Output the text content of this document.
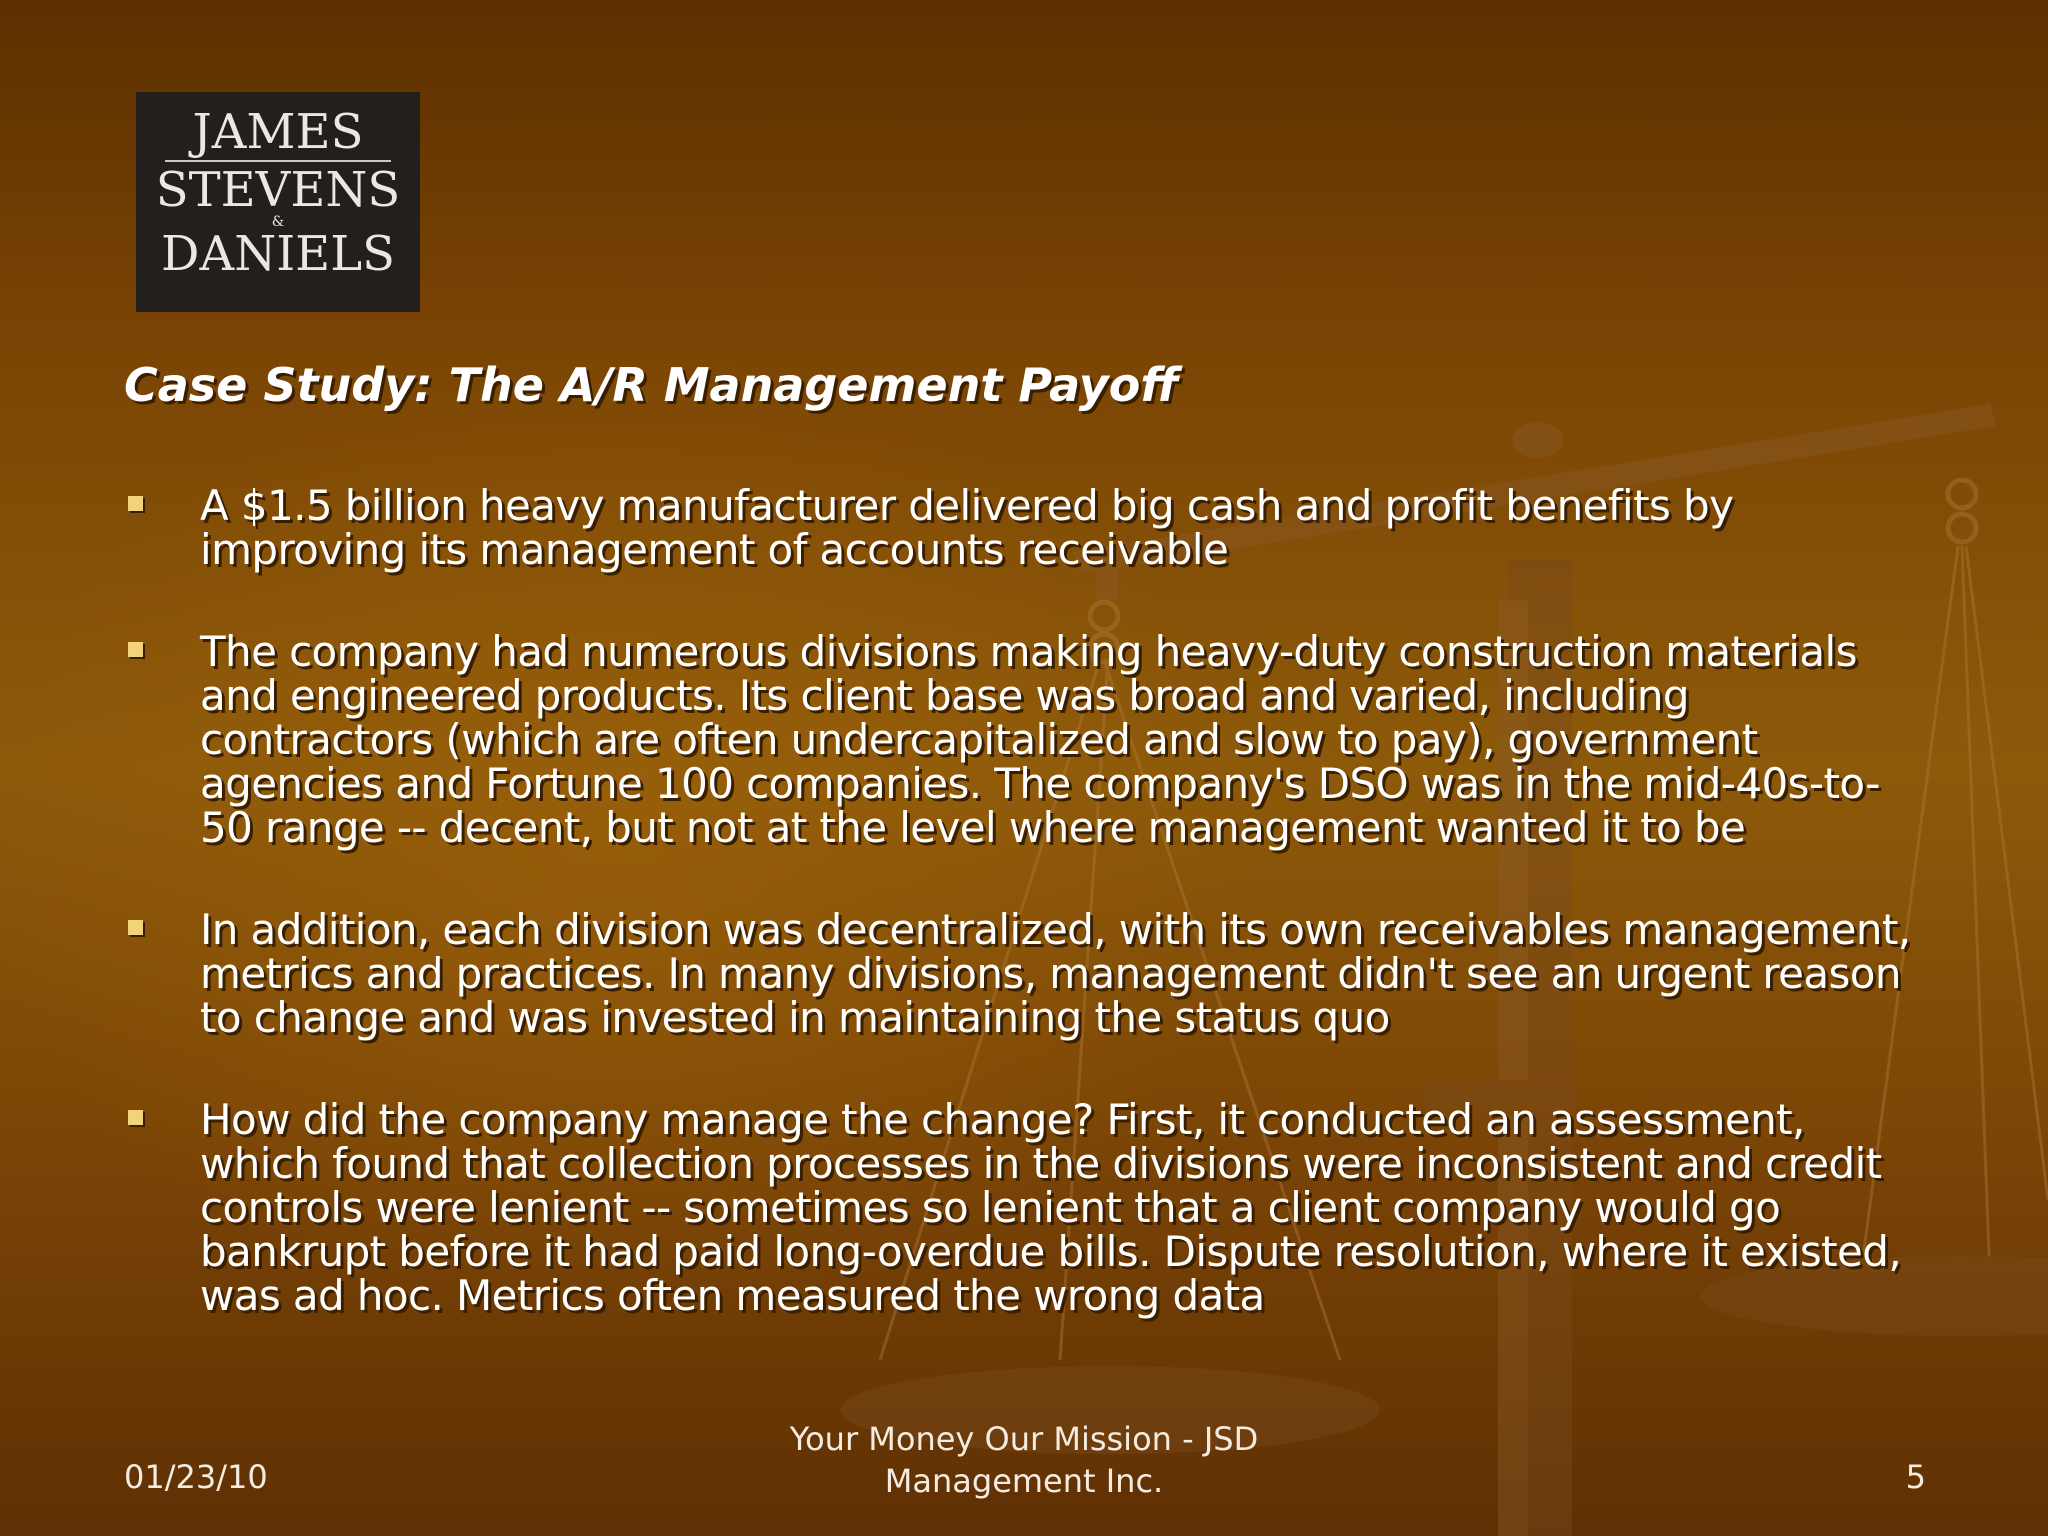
JAMES
STEVENS
&
DANIELS
Case Study: The A/R Management Payoff
A $1.5 billion heavy manufacturer delivered big cash and profit benefits by improving its management of accounts receivable
The company had numerous divisions making heavy-duty construction materials and engineered products. Its client base was broad and varied, including contractors (which are often undercapitalized and slow to pay), government agencies and Fortune 100 companies. The company's DSO was in the mid-40s-to-50 range -- decent, but not at the level where management wanted it to be
In addition, each division was decentralized, with its own receivables management, metrics and practices. In many divisions, management didn't see an urgent reason to change and was invested in maintaining the status quo
How did the company manage the change? First, it conducted an assessment, which found that collection processes in the divisions were inconsistent and credit controls were lenient -- sometimes so lenient that a client company would go bankrupt before it had paid long-overdue bills. Dispute resolution, where it existed, was ad hoc. Metrics often measured the wrong data
01/23/10
Your Money Our Mission - JSD Management Inc.	5
